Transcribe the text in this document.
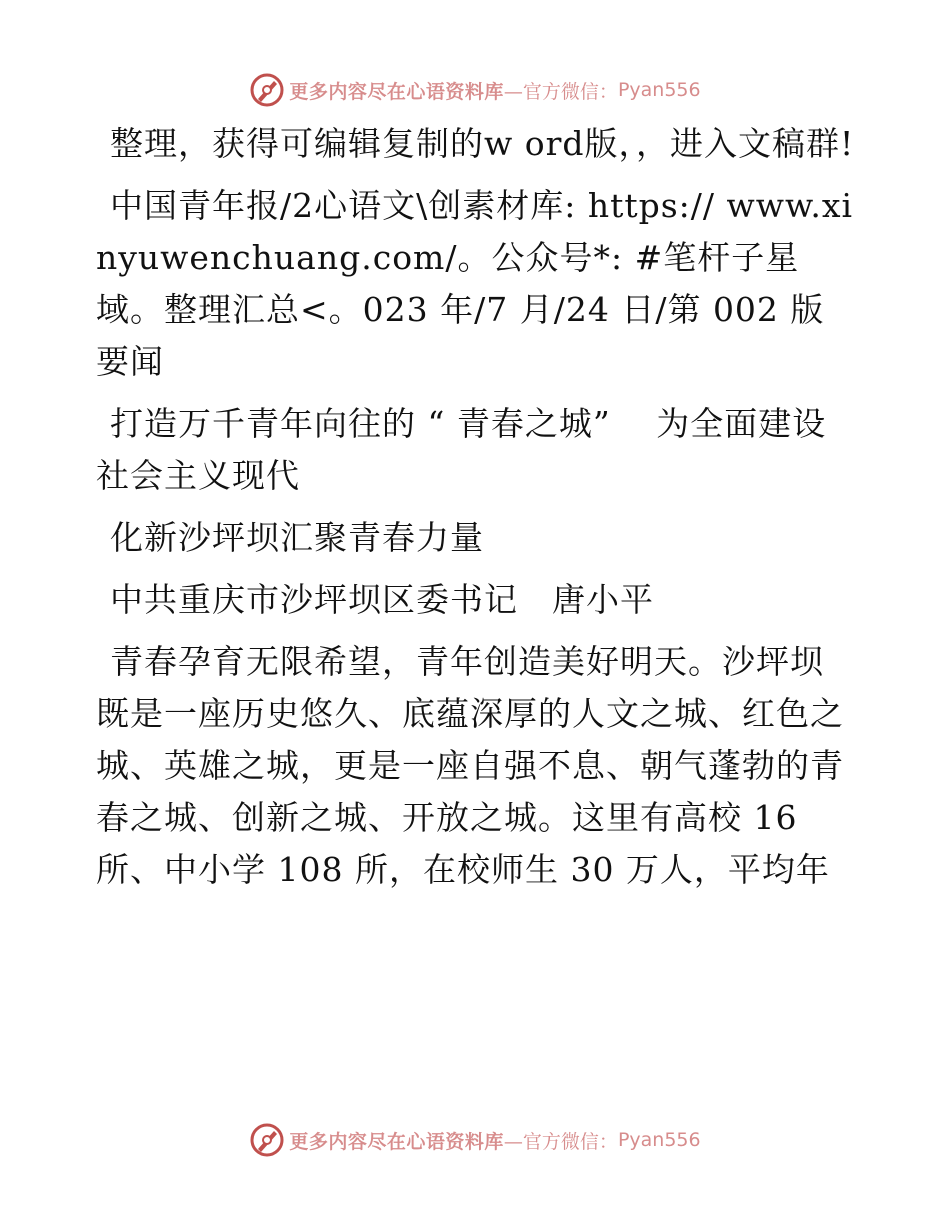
更多内容尽在心语资料库 —官方微信： Pyan556

整理，获得可编辑复制的w ord版，，进入文稿群!

中国青年报/2心语文\创素材库: https:// www.xinyuwenchuang.com/。公众号*: #笔杆子星域。整理汇总<。023 年/7 月/24 日/第 002 版要闻

打造万千青年向往的 “ 青春之城” 　为全面建设社会主义现代

化新沙坪坝汇聚青春力量

中共重庆市沙坪坝区委书记　唐小平

青春孕育无限希望，青年创造美好明天。沙坪坝既是一座历史悠久、底蕴深厚的人文之城、红色之城、英雄之城，更是一座自强不息、朝气蓬勃的青春之城、创新之城、开放之城。这里有高校 16 所、中小学 108 所，在校师生 30 万人，平均年

更多内容尽在心语资料库 —官方微信： Pyan556
